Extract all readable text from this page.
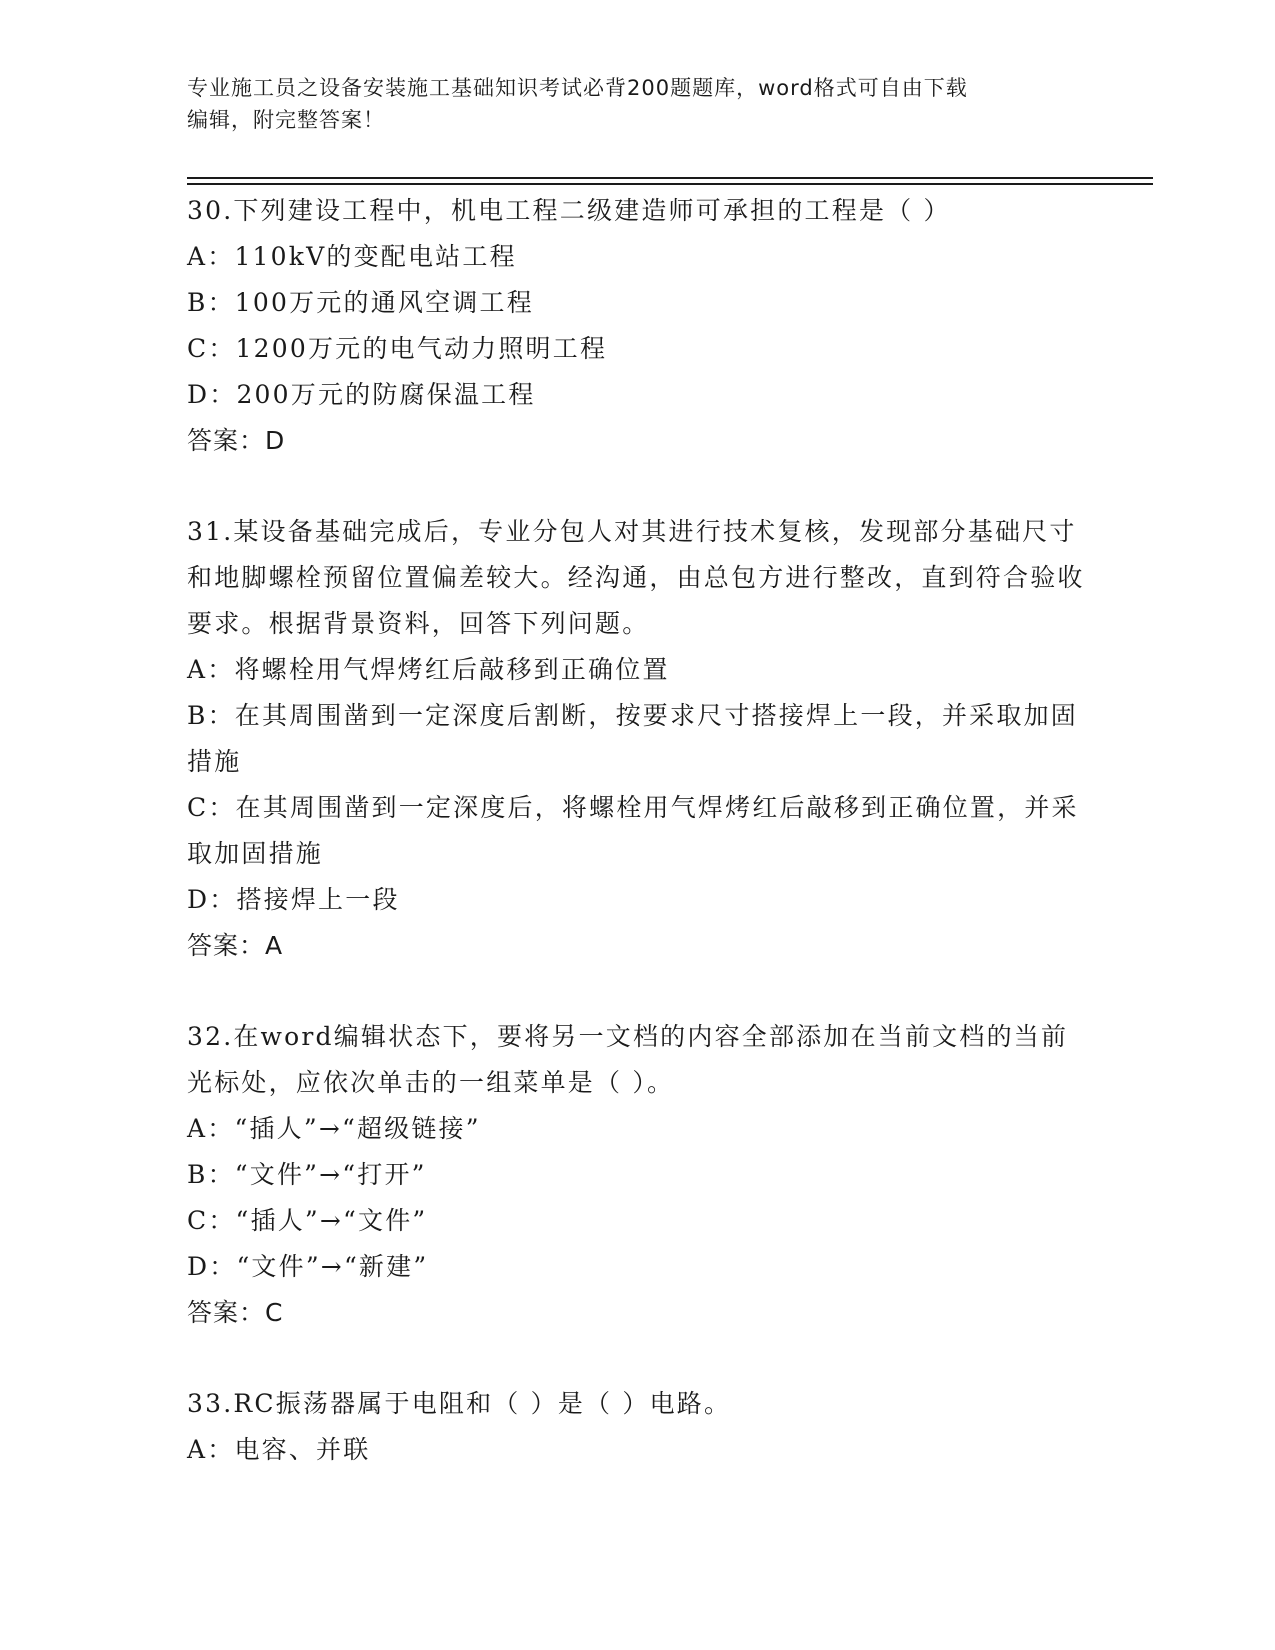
专业施工员之设备安装施工基础知识考试必背200题题库，word格式可自由下载
编辑，附完整答案！

30.下列建设工程中，机电工程二级建造师可承担的工程是（ ）

A：110kV的变配电站工程

B：100万元的通风空调工程

C：1200万元的电气动力照明工程

D：200万元的防腐保温工程

答案：D

31.某设备基础完成后，专业分包人对其进行技术复核，发现部分基础尺寸和地脚螺栓预留位置偏差较大。经沟通，由总包方进行整改，直到符合验收要求。根据背景资料，回答下列问题。

A：将螺栓用气焊烤红后敲移到正确位置

B：在其周围凿到一定深度后割断，按要求尺寸搭接焊上一段，并采取加固措施

C：在其周围凿到一定深度后，将螺栓用气焊烤红后敲移到正确位置，并采取加固措施

D：搭接焊上一段

答案：A

32.在word编辑状态下，要将另一文档的内容全部添加在当前文档的当前光标处，应依次单击的一组菜单是（ ）。

A：“插人”→“超级链接”

B：“文件”→“打开”

C：“插人”→“文件”

D：“文件”→“新建”

答案：C

33.RC振荡器属于电阻和（ ）是（ ）电路。

A：电容、并联
